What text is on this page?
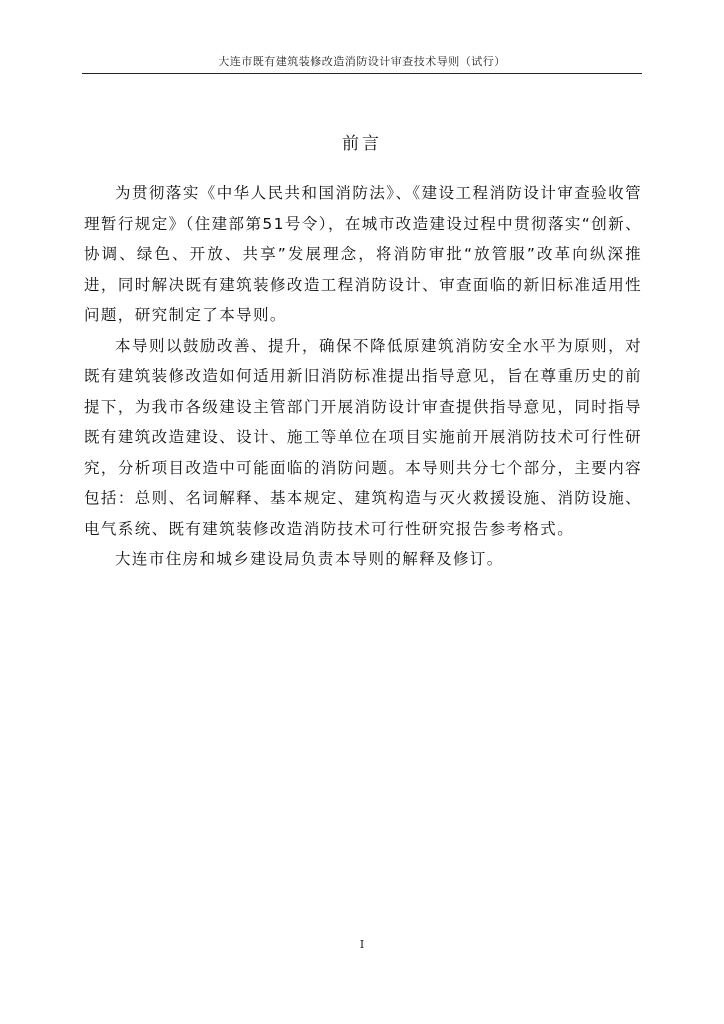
大连市既有建筑装修改造消防设计审查技术导则（试行）
前言

为贯彻落实《中华人民共和国消防法》、《建设工程消防设计审查验收管理暂行规定》（住建部第51号令），在城市改造建设过程中贯彻落实“创新、协调、绿色、开放、共享”发展理念，将消防审批“放管服”改革向纵深推进，同时解决既有建筑装修改造工程消防设计、审查面临的新旧标准适用性问题，研究制定了本导则。

本导则以鼓励改善、提升，确保不降低原建筑消防安全水平为原则，对既有建筑装修改造如何适用新旧消防标准提出指导意见，旨在尊重历史的前提下，为我市各级建设主管部门开展消防设计审查提供指导意见，同时指导既有建筑改造建设、设计、施工等单位在项目实施前开展消防技术可行性研究，分析项目改造中可能面临的消防问题。本导则共分七个部分，主要内容包括：总则、名词解释、基本规定、建筑构造与灭火救援设施、消防设施、电气系统、既有建筑装修改造消防技术可行性研究报告参考格式。

大连市住房和城乡建设局负责本导则的解释及修订。

I
